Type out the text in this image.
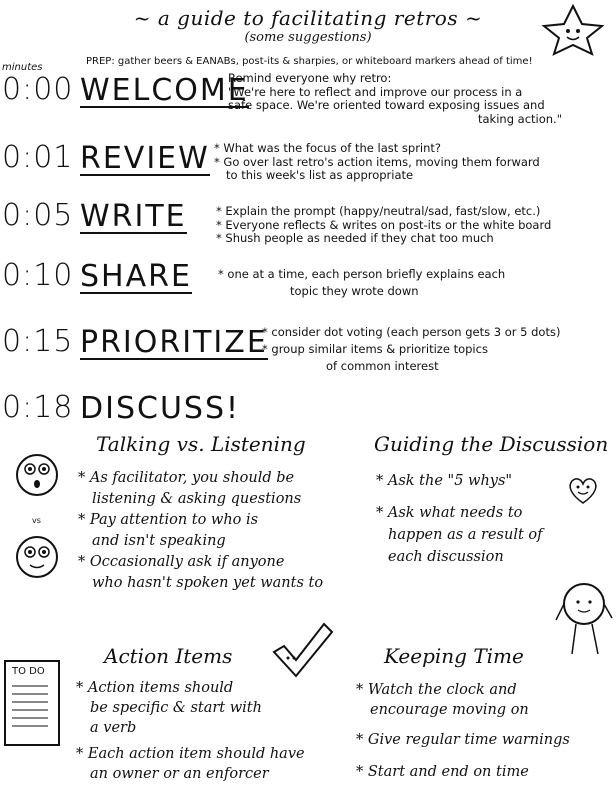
~ a guide to facilitating retros ~
(some suggestions)
minutes
PREP: gather beers & EANABs, post-its & sharpies, or whiteboard markers ahead of time!
0:00 WELCOME
Remind everyone why retro:
"We're here to reflect and improve our process in a
safe space. We're oriented toward exposing issues and
taking action."
0:01 REVIEW * What was the focus of the last sprint?
* Go over last retro's action items, moving them forward
to this week's list as appropriate
0:05 WRITE	* Explain the prompt (happy/neutral/sad, fast/slow, etc.)
* Everyone reflects & writes on post-its or the white board
* Shush people as needed if they chat too much
0:10 SHARE * one at a time, each person briefly explains each
topic they wrote down
0:15 PRIORITIZE
* consider dot voting (each person gets 3 or 5 dots)
* group similar items & prioritize topics
of common interest
0:18 DISCUSS!
Talking vs. Listening
vs
* As facilitator, you should be
listening & asking questions
* Pay attention to who is
and isn't speaking
* Occasionally ask if anyone
who hasn't spoken yet wants to
Guiding the Discussion
* Ask the "5 whys"
* Ask what needs to
happen as a result of
each discussion
Action Items
TO DO
* Action items should
be specific & start with
a verb
* Each action item should have
an owner or an enforcer
Keeping Time
* Watch the clock and
encourage moving on
* Give regular time warnings
* Start and end on time
